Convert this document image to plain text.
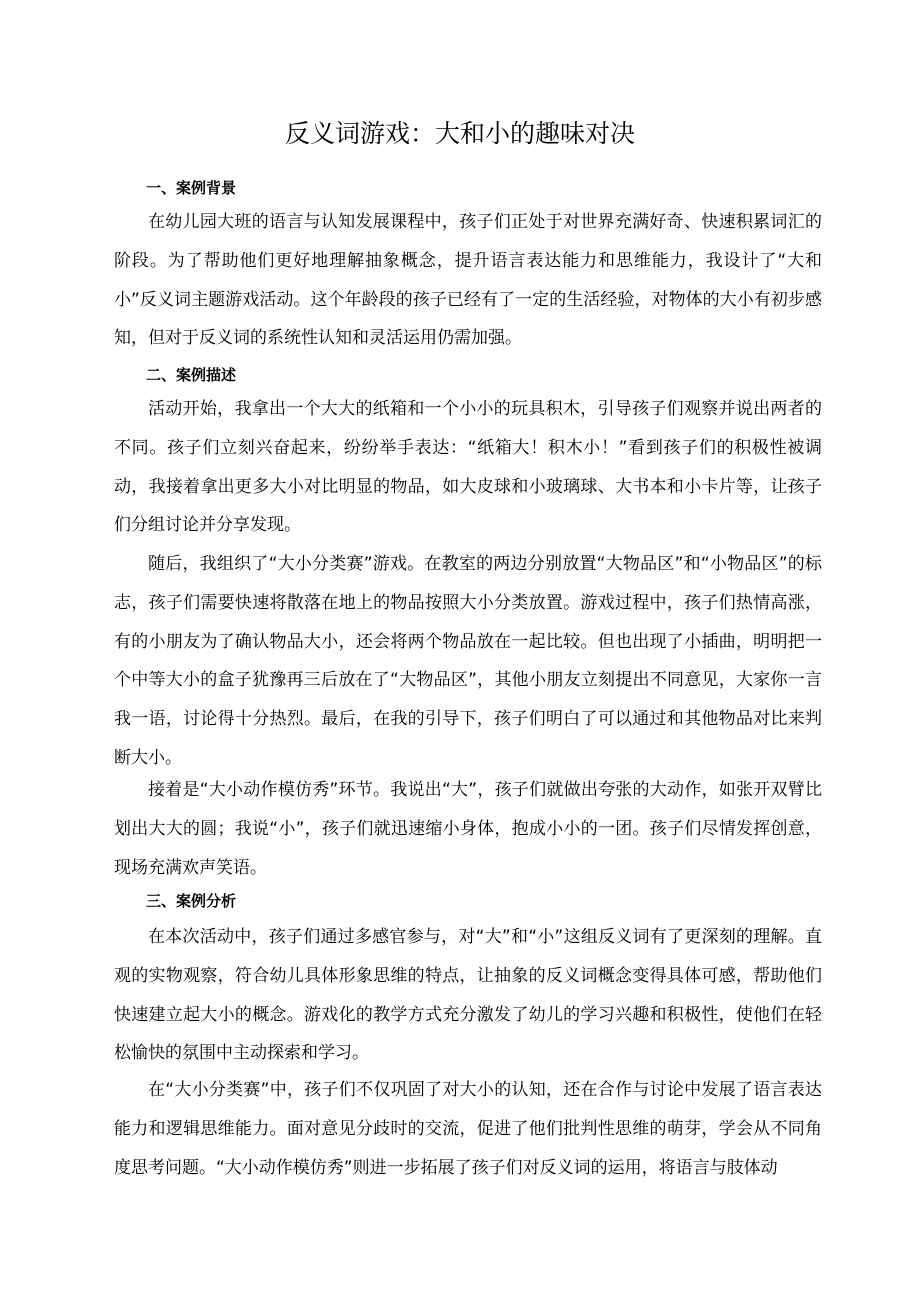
反义词游戏：大和小的趣味对决
一、案例背景

在幼儿园大班的语言与认知发展课程中，孩子们正处于对世界充满好奇、快速积累词汇的阶段。为了帮助他们更好地理解抽象概念，提升语言表达能力和思维能力，我设计了“大和小”反义词主题游戏活动。这个年龄段的孩子已经有了一定的生活经验，对物体的大小有初步感知，但对于反义词的系统性认知和灵活运用仍需加强。

二、案例描述

活动开始，我拿出一个大大的纸箱和一个小小的玩具积木，引导孩子们观察并说出两者的不同。孩子们立刻兴奋起来，纷纷举手表达：“纸箱大！积木小！”看到孩子们的积极性被调动，我接着拿出更多大小对比明显的物品，如大皮球和小玻璃球、大书本和小卡片等，让孩子们分组讨论并分享发现。

随后，我组织了“大小分类赛”游戏。在教室的两边分别放置“大物品区”和“小物品区”的标志，孩子们需要快速将散落在地上的物品按照大小分类放置。游戏过程中，孩子们热情高涨，有的小朋友为了确认物品大小，还会将两个物品放在一起比较。但也出现了小插曲，明明把一个中等大小的盒子犹豫再三后放在了“大物品区”，其他小朋友立刻提出不同意见，大家你一言我一语，讨论得十分热烈。最后，在我的引导下，孩子们明白了可以通过和其他物品对比来判断大小。

接着是“大小动作模仿秀”环节。我说出“大”，孩子们就做出夸张的大动作，如张开双臂比划出大大的圆；我说“小”，孩子们就迅速缩小身体，抱成小小的一团。孩子们尽情发挥创意，现场充满欢声笑语。

三、案例分析

在本次活动中，孩子们通过多感官参与，对“大”和“小”这组反义词有了更深刻的理解。直观的实物观察，符合幼儿具体形象思维的特点，让抽象的反义词概念变得具体可感，帮助他们快速建立起大小的概念。游戏化的教学方式充分激发了幼儿的学习兴趣和积极性，使他们在轻松愉快的氛围中主动探索和学习。

在“大小分类赛”中，孩子们不仅巩固了对大小的认知，还在合作与讨论中发展了语言表达能力和逻辑思维能力。面对意见分歧时的交流，促进了他们批判性思维的萌芽，学会从不同角度思考问题。“大小动作模仿秀”则进一步拓展了孩子们对反义词的运用，将语言与肢体动
